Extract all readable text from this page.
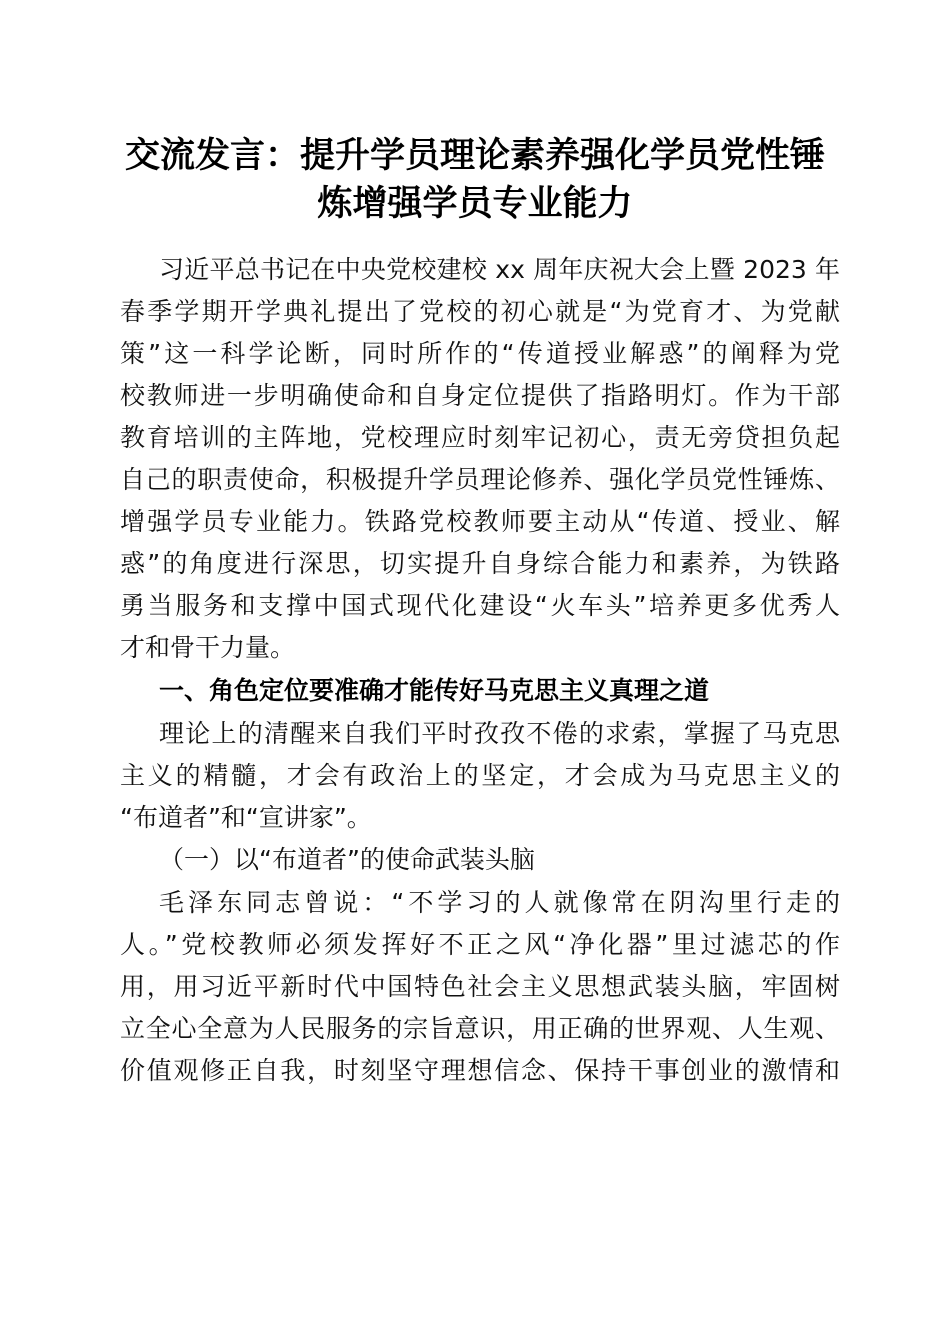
交流发言：提升学员理论素养强化学员党性锤
炼增强学员专业能力
习近平总书记在中央党校建校 xx 周年庆祝大会上暨 2023 年
春季学期开学典礼提出了党校的初心就是“为党育才、为党献
策”这一科学论断，同时所作的“传道授业解惑”的阐释为党
校教师进一步明确使命和自身定位提供了指路明灯。作为干部
教育培训的主阵地，党校理应时刻牢记初心，责无旁贷担负起
自己的职责使命，积极提升学员理论修养、强化学员党性锤炼、
增强学员专业能力。铁路党校教师要主动从“传道、授业、解
惑”的角度进行深思，切实提升自身综合能力和素养，为铁路
勇当服务和支撑中国式现代化建设“火车头”培养更多优秀人
才和骨干力量。
一、角色定位要准确才能传好马克思主义真理之道
理论上的清醒来自我们平时孜孜不倦的求索，掌握了马克思
主义的精髓，才会有政治上的坚定，才会成为马克思主义的
“布道者”和“宣讲家”。
（一）以“布道者”的使命武装头脑
毛泽东同志曾说：“不学习的人就像常在阴沟里行走的
人。”党校教师必须发挥好不正之风“净化器”里过滤芯的作
用，用习近平新时代中国特色社会主义思想武装头脑，牢固树
立全心全意为人民服务的宗旨意识，用正确的世界观、人生观、
价值观修正自我，时刻坚守理想信念、保持干事创业的激情和
